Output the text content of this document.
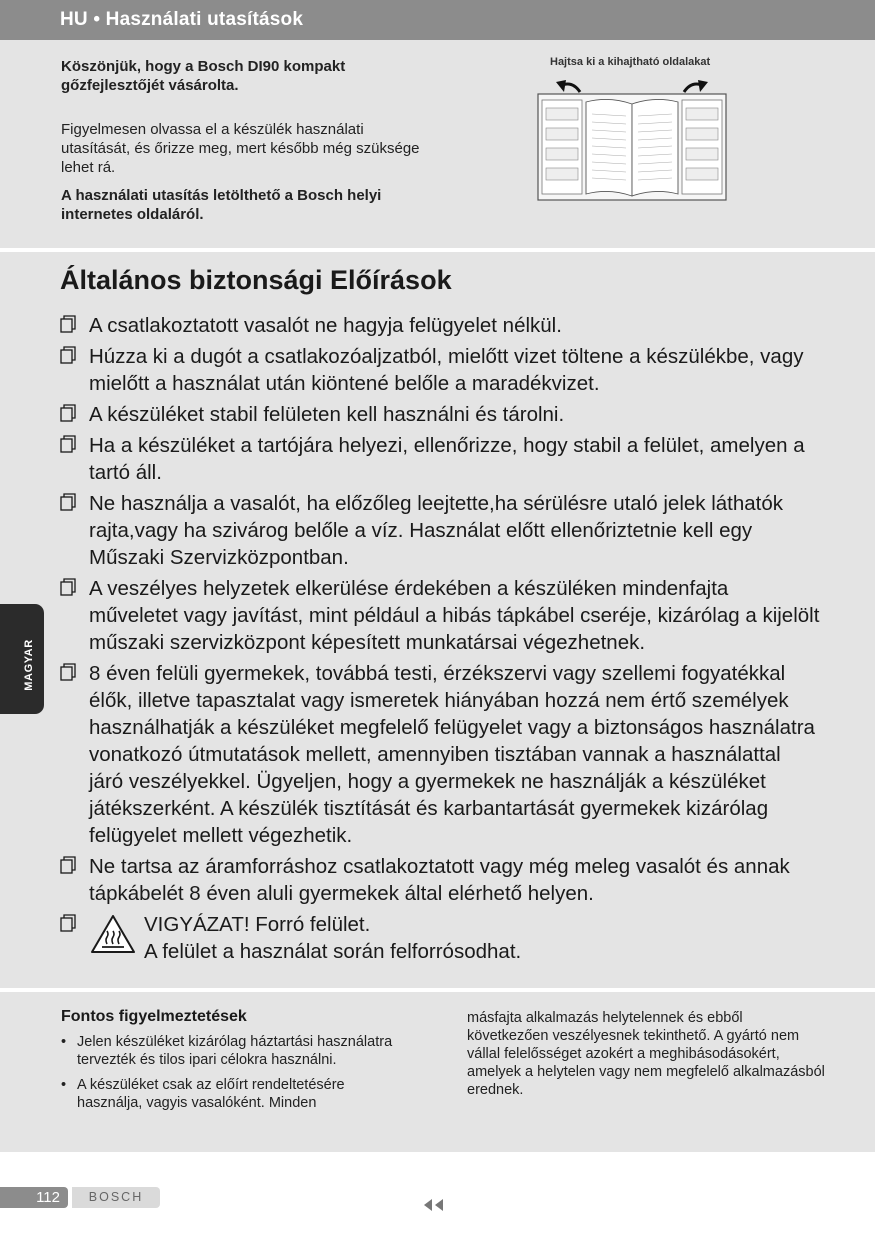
HU • Használati utasítások
Köszönjük, hogy a Bosch DI90 kompakt gőzfejlesztőjét vásárolta.
Figyelmesen olvassa el a készülék használati utasítását, és őrizze meg, mert később még szüksége lehet rá.
A használati utasítás letölthető a Bosch helyi internetes oldaláról.
Hajtsa ki a kihajtható oldalakat
Általános biztonsági Előírások
A csatlakoztatott vasalót ne hagyja felügyelet nélkül.
Húzza ki a dugót a csatlakozóaljzatból, mielőtt vizet töltene a készülékbe, vagy mielőtt a használat után kiöntené belőle a maradékvizet.
A készüléket stabil felületen kell használni és tárolni.
Ha a készüléket a tartójára helyezi, ellenőrizze, hogy stabil a felület, amelyen a tartó áll.
Ne használja a vasalót, ha előzőleg leejtette,ha sérülésre utaló jelek láthatók rajta,vagy ha szivárog belőle a víz. Használat előtt ellenőriztetnie kell egy Műszaki Szervizközpontban.
A veszélyes helyzetek elkerülése érdekében a készüléken mindenfajta műveletet vagy javítást, mint például a hibás tápkábel cseréje, kizárólag a kijelölt műszaki szervizközpont képesített munkatársai végezhetnek.
8 éven felüli gyermekek, továbbá testi, érzékszervi vagy szellemi fogyatékkal élők, illetve tapasztalat vagy ismeretek hiányában hozzá nem értő személyek használhatják a készüléket megfelelő felügyelet vagy a biztonságos használatra vonatkozó útmutatások mellett, amennyiben tisztában vannak a használattal járó veszélyekkel. Ügyeljen, hogy a gyermekek ne használják a készüléket játékszerként. A készülék tisztítását és karbantartását gyermekek kizárólag felügyelet mellett végezhetik.
Ne tartsa az áramforráshoz csatlakoztatott vagy még meleg vasalót és annak tápkábelét 8 éven aluli gyermekek által elérhető helyen.
VIGYÁZAT! Forró felület.
A felület a használat során felforrósodhat.
MAGYAR
Fontos figyelmeztetések
• Jelen készüléket kizárólag háztartási használatra tervezték és tilos ipari célokra használni.
• A készüléket csak az előírt rendeltetésére használja, vagyis vasalóként. Minden
másfajta alkalmazás helytelennek és ebből következően veszélyesnek tekinthető. A gyártó nem vállal felelősséget azokért a meghibásodásokért, amelyek a helytelen vagy nem megfelelő alkalmazásból erednek.
112	BOSCH
